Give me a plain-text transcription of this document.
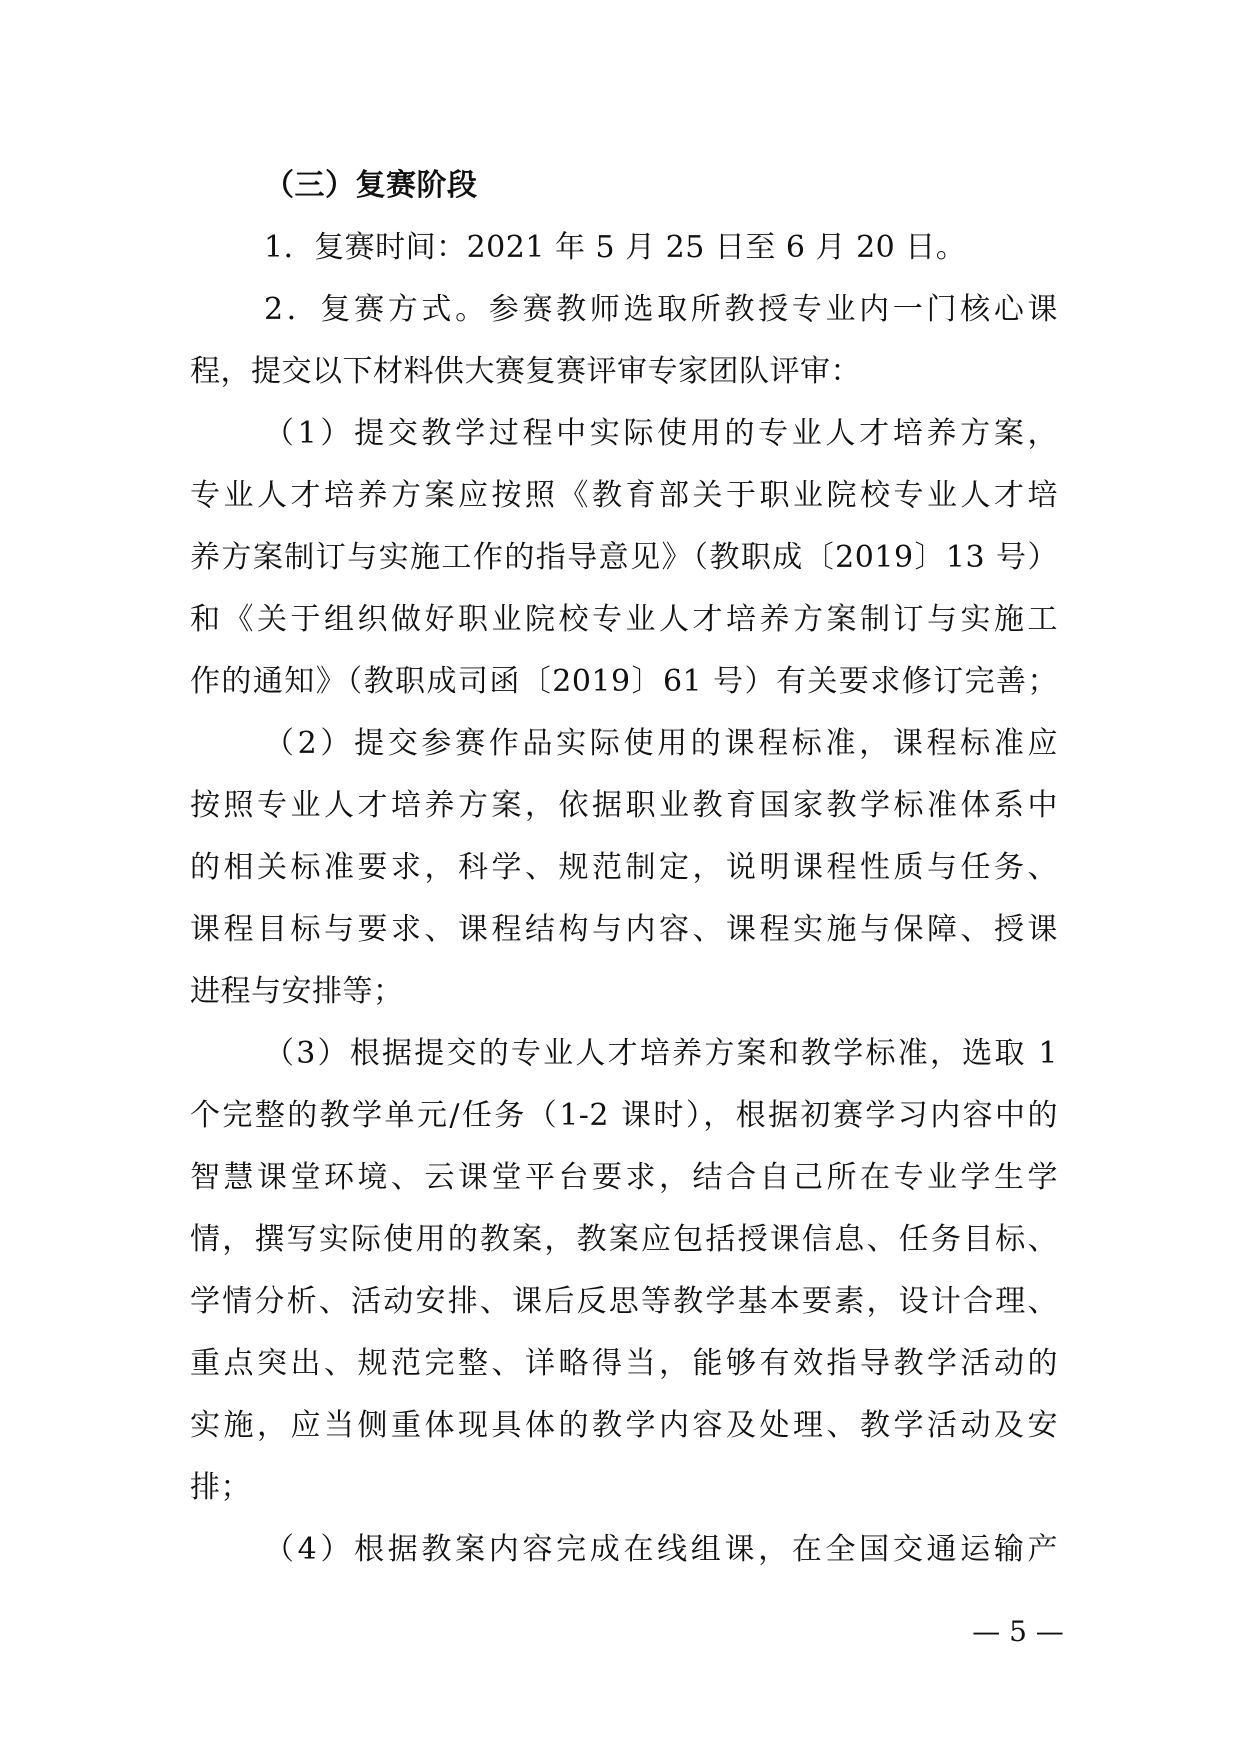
（三）复赛阶段
1．复赛时间：2021 年 5 月 25 日至 6 月 20 日。
2．复赛方式。参赛教师选取所教授专业内一门核心课
程，提交以下材料供大赛复赛评审专家团队评审：
（1）提交教学过程中实际使用的专业人才培养方案，
专业人才培养方案应按照《教育部关于职业院校专业人才培
养方案制订与实施工作的指导意见》（教职成〔2019〕13 号）
和《关于组织做好职业院校专业人才培养方案制订与实施工
作的通知》（教职成司函〔2019〕61 号）有关要求修订完善；
（2）提交参赛作品实际使用的课程标准，课程标准应
按照专业人才培养方案，依据职业教育国家教学标准体系中
的相关标准要求，科学、规范制定，说明课程性质与任务、
课程目标与要求、课程结构与内容、课程实施与保障、授课
进程与安排等；
（3）根据提交的专业人才培养方案和教学标准，选取 1
个完整的教学单元/任务（1-2 课时），根据初赛学习内容中的
智慧课堂环境、云课堂平台要求，结合自己所在专业学生学
情，撰写实际使用的教案，教案应包括授课信息、任务目标、
学情分析、活动安排、课后反思等教学基本要素，设计合理、
重点突出、规范完整、详略得当，能够有效指导教学活动的
实施，应当侧重体现具体的教学内容及处理、教学活动及安
排；
（4）根据教案内容完成在线组课，在全国交通运输产
— 5 —
